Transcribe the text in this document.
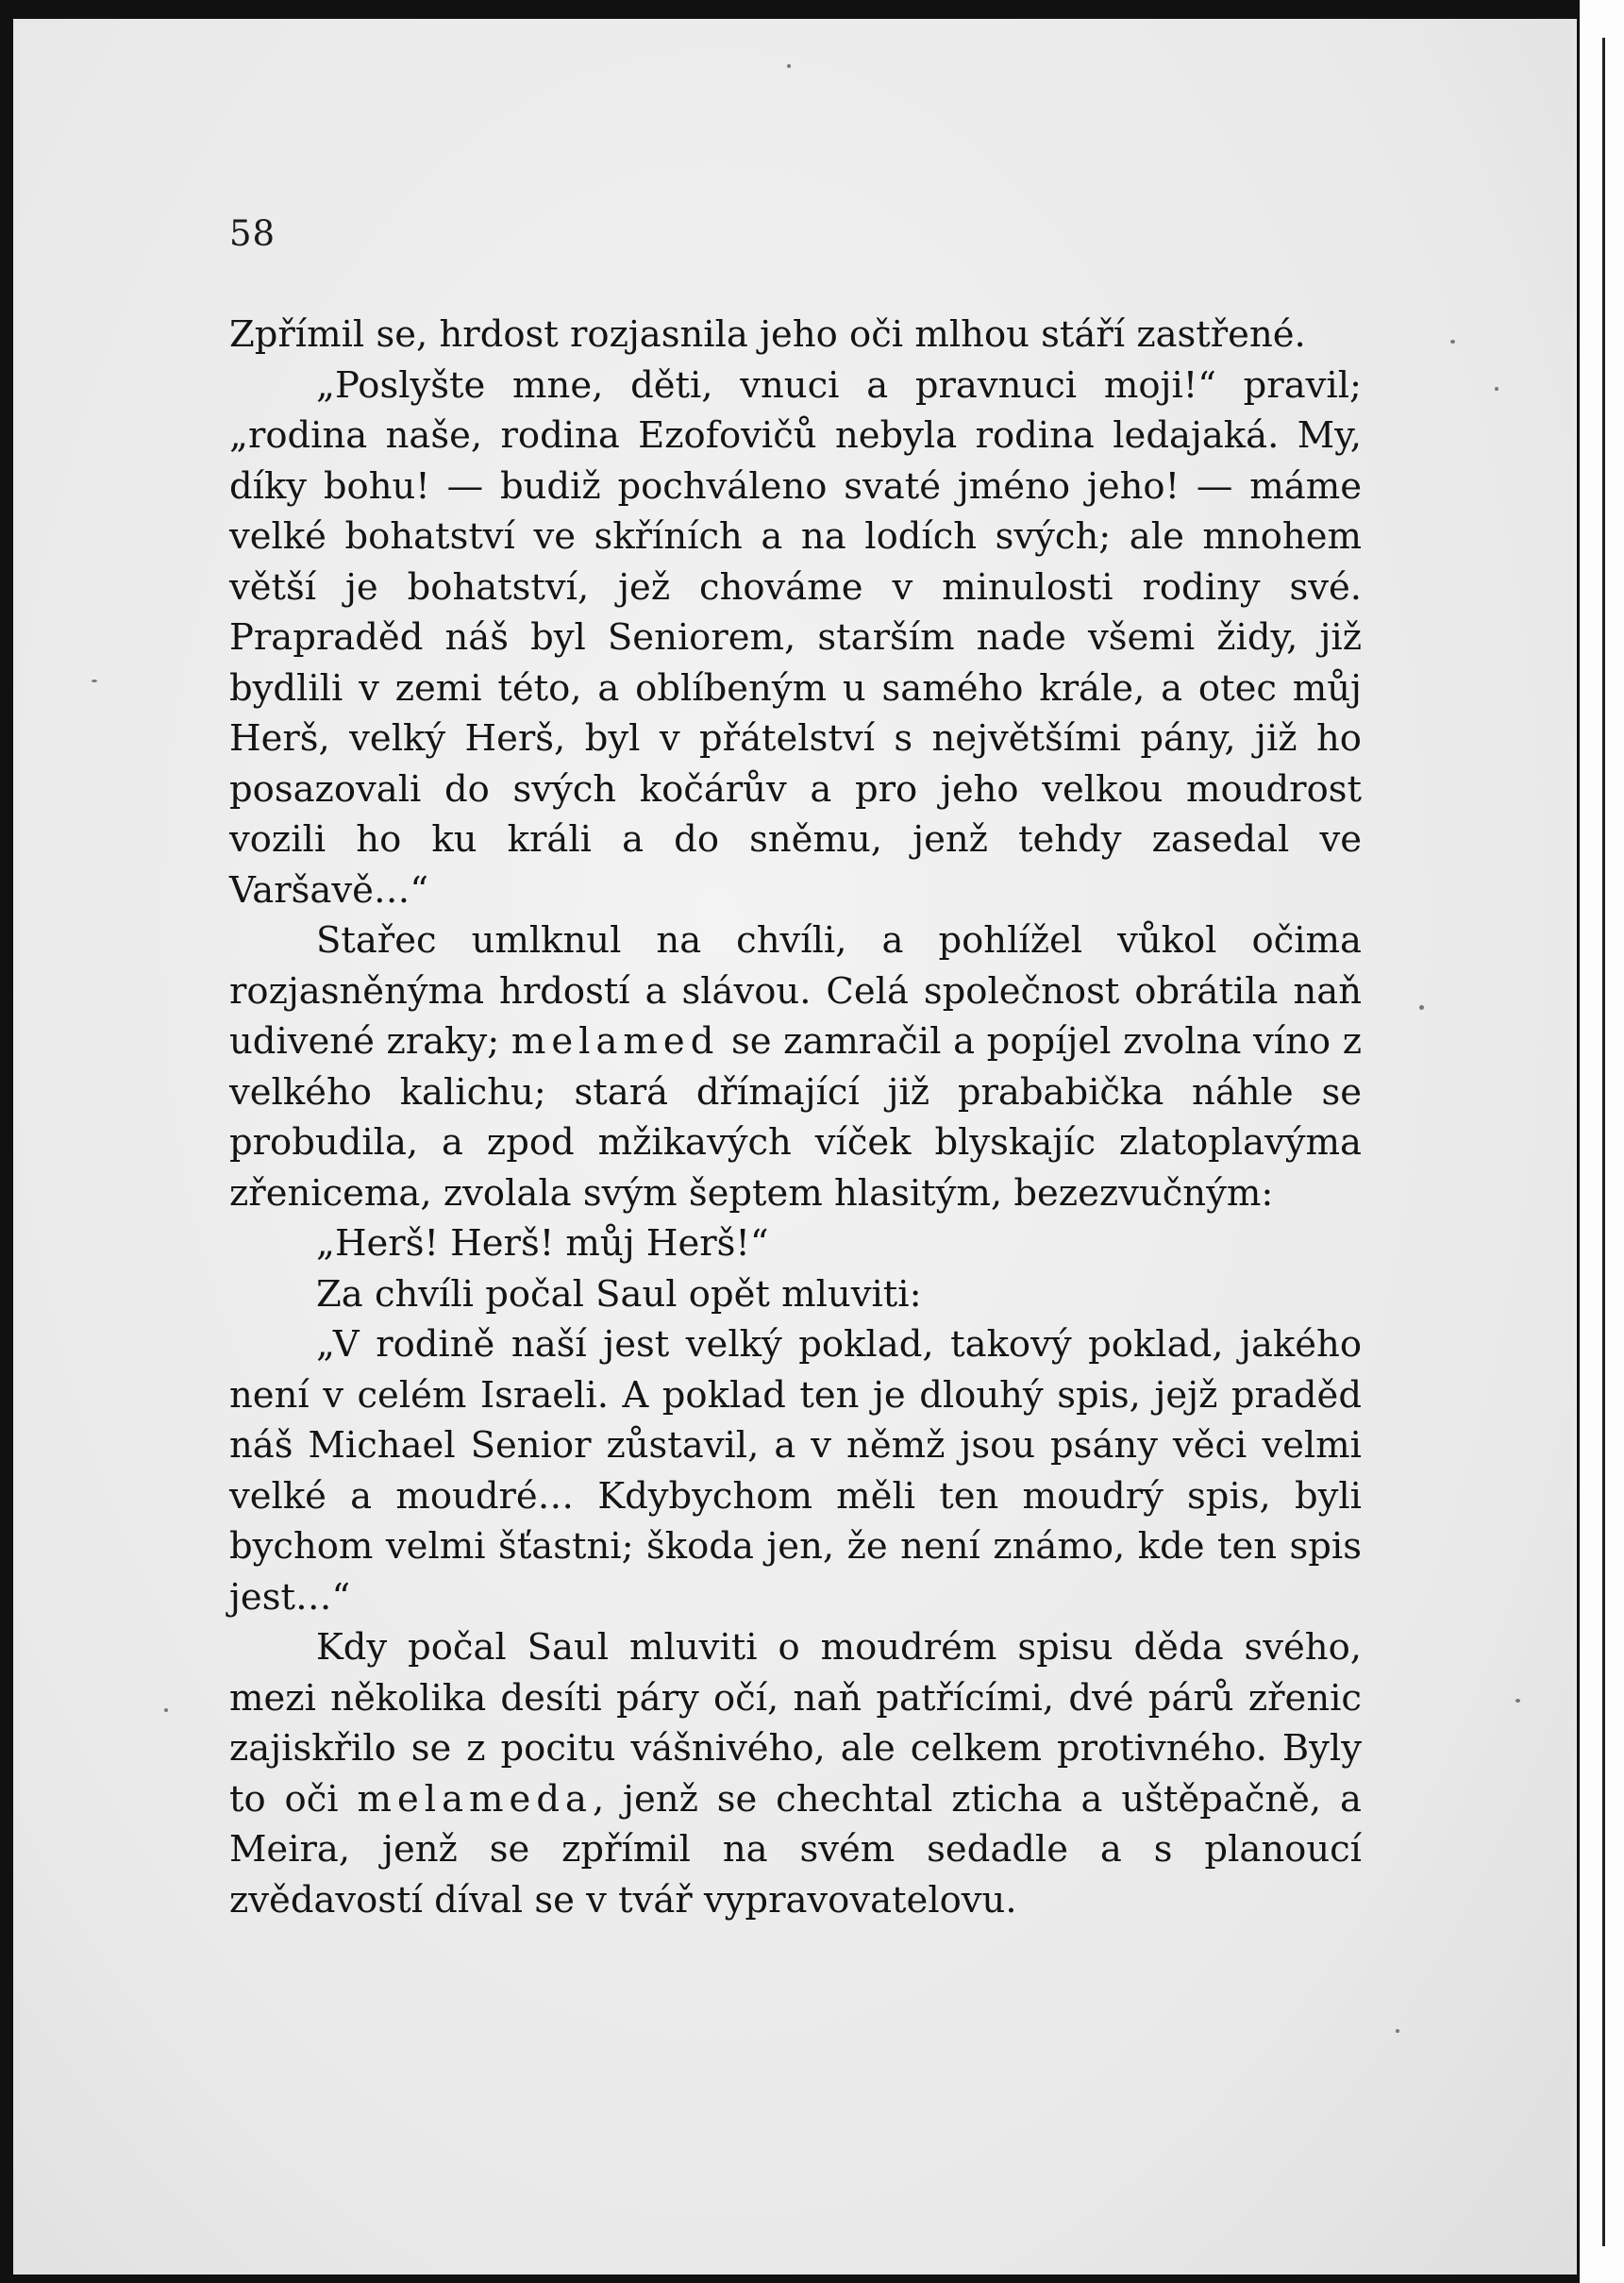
58

Zpřímil se, hrdost rozjasnila jeho oči mlhou stáří zastřené.

„Poslyšte mne, děti, vnuci a pravnuci moji!“ pravil; „rodina naše, rodina Ezofovičů nebyla rodina ledajaká. My, díky bohu! — budiž pochváleno svaté jméno jeho! — máme velké bohatství ve skříních a na lodích svých; ale mnohem větší je bohatství, jež chováme v minulosti rodiny své. Prapraděd náš byl Seniorem, starším nade všemi židy, již bydlili v zemi této, a oblíbeným u samého krále, a otec můj Herš, velký Herš, byl v přátelství s největšími pány, již ho posazovali do svých kočárův a pro jeho velkou moudrost vozili ho ku králi a do sněmu, jenž tehdy zasedal ve Varšavě…“

Stařec umlknul na chvíli, a pohlížel vůkol očima rozjasněnýma hrdostí a slávou. Celá společnost obrátila naň udivené zraky; melamed se zamračil a popíjel zvolna víno z velkého kalichu; stará dřímající již prababička náhle se probudila, a zpod mžikavých víček blyskajíc zlatoplavýma zřenicema, zvolala svým šeptem hlasitým, bezezvučným:

„Herš! Herš! můj Herš!“

Za chvíli počal Saul opět mluviti:

„V rodině naší jest velký poklad, takový poklad, jakého není v celém Israeli. A poklad ten je dlouhý spis, jejž praděd náš Michael Senior zůstavil, a v němž jsou psány věci velmi velké a moudré… Kdybychom měli ten moudrý spis, byli bychom velmi šťastni; škoda jen, že není známo, kde ten spis jest…“

Kdy počal Saul mluviti o moudrém spisu děda svého, mezi několika desíti páry očí, naň patřícími, dvé párů zřenic zajiskřilo se z pocitu vášnivého, ale celkem protivného. Byly to oči melameda, jenž se chechtal zticha a uštěpačně, a Meira, jenž se zpřímil na svém sedadle a s planoucí zvědavostí díval se v tvář vypravovatelovu.
